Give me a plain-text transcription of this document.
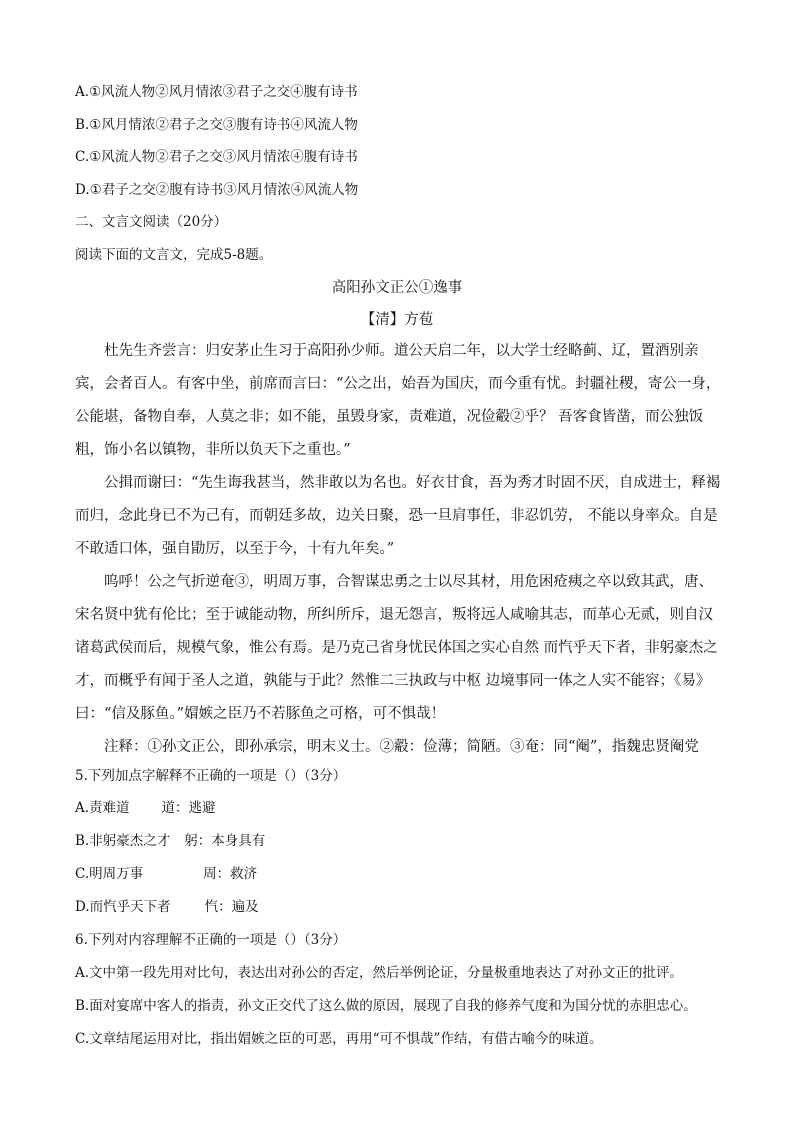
A.①风流人物②风月情浓③君子之交④腹有诗书
B.①风月情浓②君子之交③腹有诗书④风流人物
C.①风流人物②君子之交③风月情浓④腹有诗书
D.①君子之交②腹有诗书③风月情浓④风流人物
二、文言文阅读（20分）
阅读下面的文言文，完成5-8题。
高阳孙文正公①逸事
【清】方苞

杜先生齐尝言：归安茅止生习于高阳孙少师。道公天启二年，以大学士经略蓟、辽，置酒别亲宾，会者百人。有客中坐，前席而言曰：“公之出，始吾为国庆，而今重有忧。封疆社稷，寄公一身，公能堪，备物自奉，人莫之非；如不能，虽毁身家，责难道，况俭觳②乎？ 吾客食皆凿，而公独饭粗，饰小名以镇物，非所以负天下之重也。”

公揖而谢曰：“先生诲我甚当，然非敢以为名也。好衣甘食，吾为秀才时固不厌，自成进士，释褐而归，念此身已不为己有，而朝廷多故，边关日聚，恐一旦肩事任，非忍饥劳， 不能以身率众。自是不敢适口体，强自勖厉，以至于今，十有九年矣。”

呜呼！公之气折逆奄③，明周万事，合智谋忠勇之士以尽其材，用危困疮痍之卒以致其武，唐、宋名贤中犹有伦比；至于诚能动物，所纠所斥，退无怨言，叛将远人咸喻其志，而革心无贰，则自汉诸葛武侯而后，规模气象，惟公有焉。是乃克己省身忧民体国之实心自然 而忾乎天下者，非躬豪杰之才，而概乎有闻于圣人之道，孰能与于此？然惟二三执政与中枢 边境事同一体之人实不能容；《易》曰：“信及豚鱼。”媢嫉之臣乃不若豚鱼之可格，可不惧哉！

注释：①孙文正公，即孙承宗，明末义士。②觳：俭薄；简陋。③奄：同“阉”，指魏忠贤阉党

5.下列加点字解释不正确的一项是（）（3分）
A.责难道 道：逃避
B.非躬豪杰之才 躬：本身具有
C.明周万事	周：救济
D.而忾乎天下者	忾：遍及
6.下列对内容理解不正确的一项是（）（3分）
A.文中第一段先用对比句，表达出对孙公的否定，然后举例论证，分量极重地表达了对孙文正的批评。
B.面对宴席中客人的指责，孙文正交代了这么做的原因，展现了自我的修养气度和为国分忧的赤胆忠心。
C.文章结尾运用对比，指出媢嫉之臣的可恶，再用“可不惧哉”作结，有借古喻今的味道。
